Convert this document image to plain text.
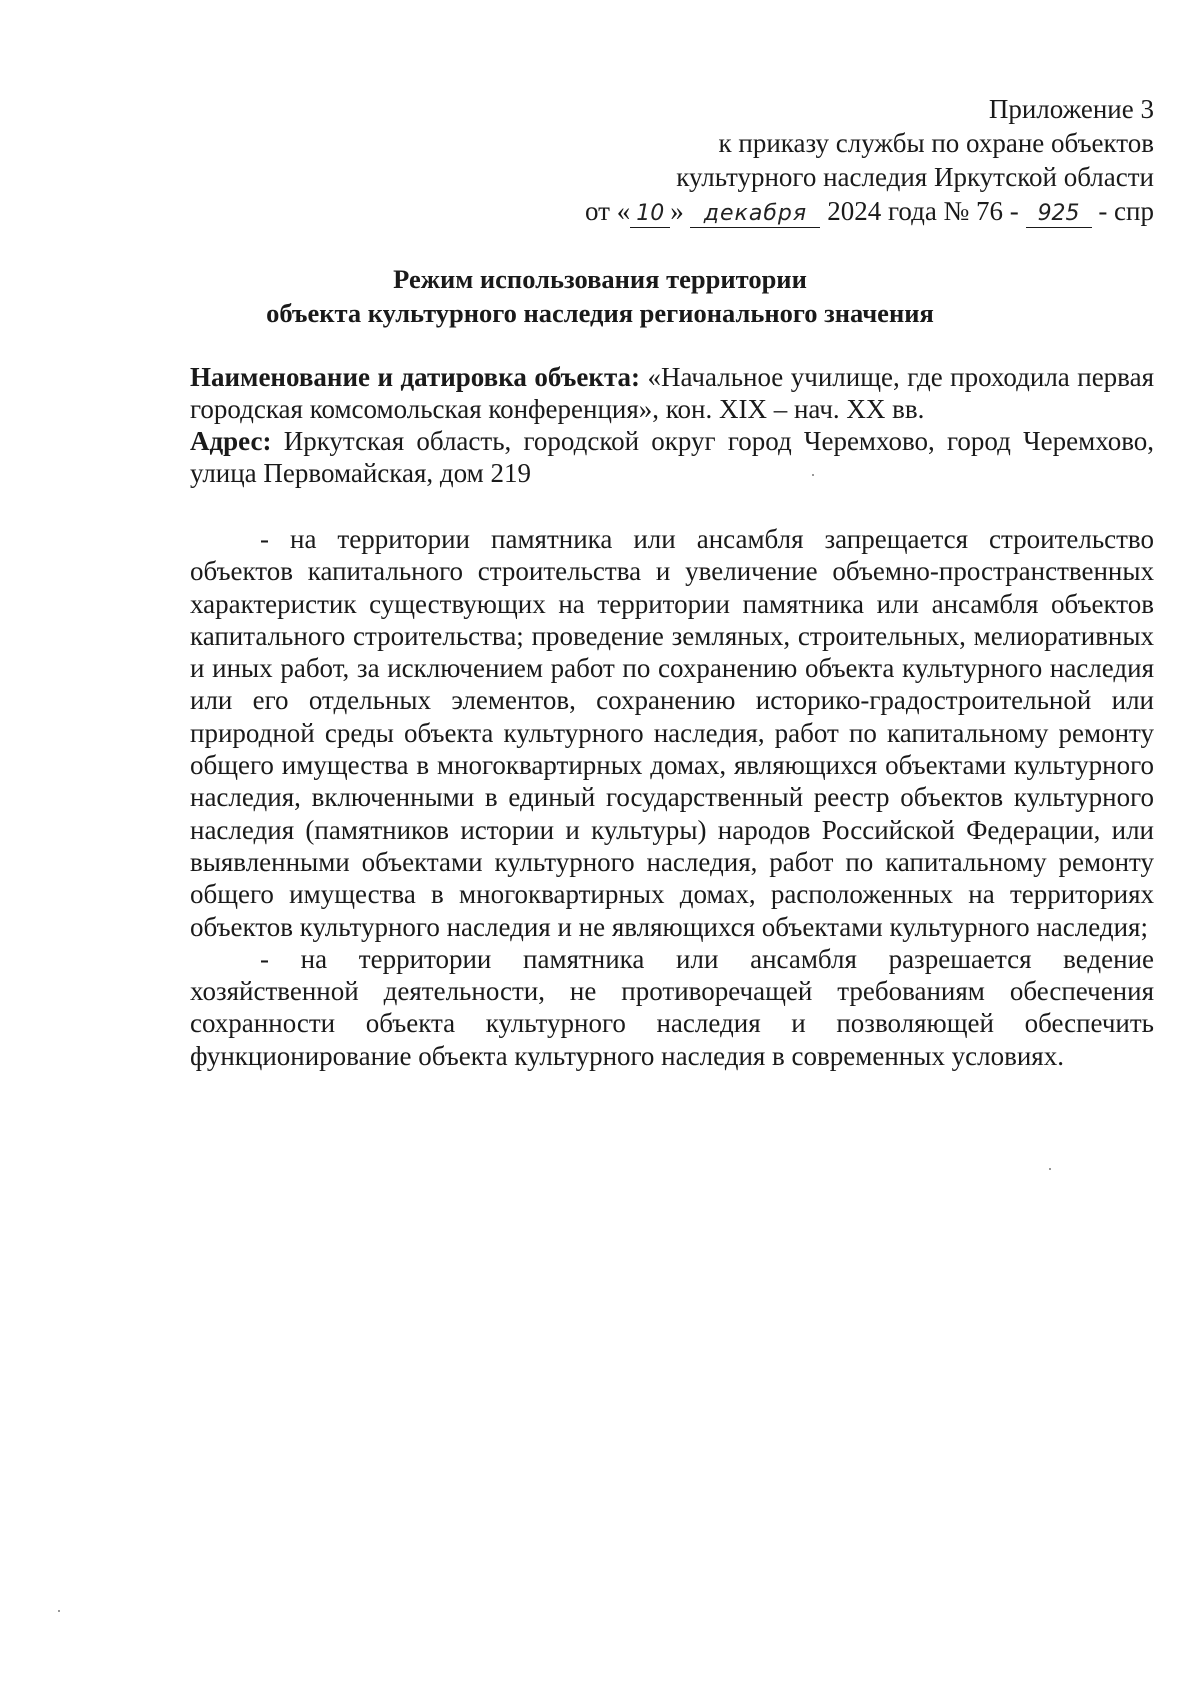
Приложение 3
к приказу службы по охране объектов
культурного наследия Иркутской области
от « 10 » декабря 2024 года № 76 - 925 - спр
Режим использования территории
объекта культурного наследия регионального значения

Наименование и датировка объекта: «Начальное училище, где проходила первая городская комсомольская конференция», кон. XIX – нач. XX вв.

Адрес: Иркутская область, городской округ город Черемхово, город Черемхово, улица Первомайская, дом 219

- на территории памятника или ансамбля запрещается строительство объектов капитального строительства и увеличение объемно-пространственных характеристик существующих на территории памятника или ансамбля объектов капитального строительства; проведение земляных, строительных, мелиоративных и иных работ, за исключением работ по сохранению объекта культурного наследия или его отдельных элементов, сохранению историко-градостроительной или природной среды объекта культурного наследия, работ по капитальному ремонту общего имущества в многоквартирных домах, являющихся объектами культурного наследия, включенными в единый государственный реестр объектов культурного наследия (памятников истории и культуры) народов Российской Федерации, или выявленными объектами культурного наследия, работ по капитальному ремонту общего имущества в многоквартирных домах, расположенных на территориях объектов культурного наследия и не являющихся объектами культурного наследия;

- на территории памятника или ансамбля разрешается ведение хозяйственной деятельности, не противоречащей требованиям обеспечения сохранности объекта культурного наследия и позволяющей обеспечить функционирование объекта культурного наследия в современных условиях.
